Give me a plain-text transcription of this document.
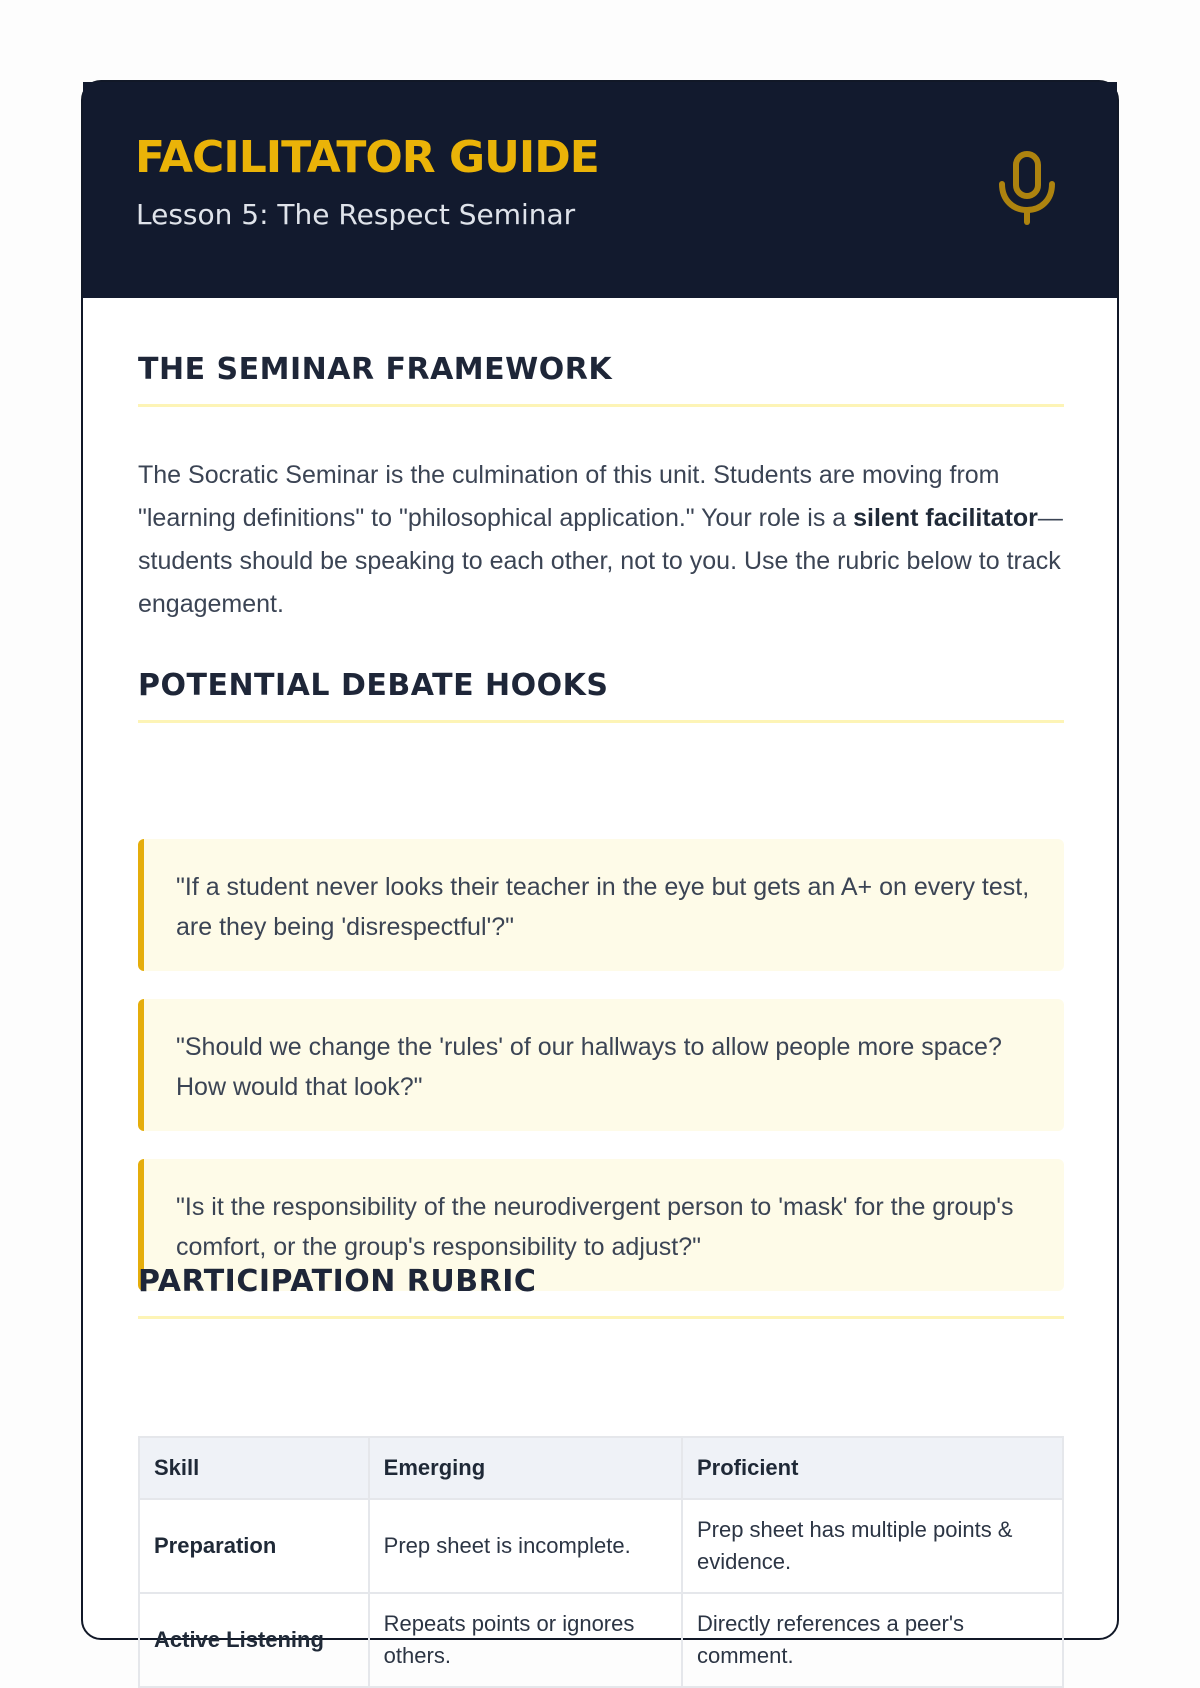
FACILITATOR GUIDE
Lesson 5: The Respect Seminar
THE SEMINAR FRAMEWORK

The Socratic Seminar is the culmination of this unit. Students are moving from "learning definitions" to "philosophical application." Your role is a silent facilitator—students should be speaking to each other, not to you. Use the rubric below to track engagement.

POTENTIAL DEBATE HOOKS
"If a student never looks their teacher in the eye but gets an A+ on every test, are they being 'disrespectful'?"
"Should we change the 'rules' of our hallways to allow people more space? How would that look?"
"Is it the responsibility of the neurodivergent person to 'mask' for the group's comfort, or the group's responsibility to adjust?"
PARTICIPATION RUBRIC
Skill	Emerging	Proficient
Preparation	Prep sheet is incomplete.	Prep sheet has multiple points & evidence.
Active Listening	Repeats points or ignores others.	Directly references a peer's comment.
